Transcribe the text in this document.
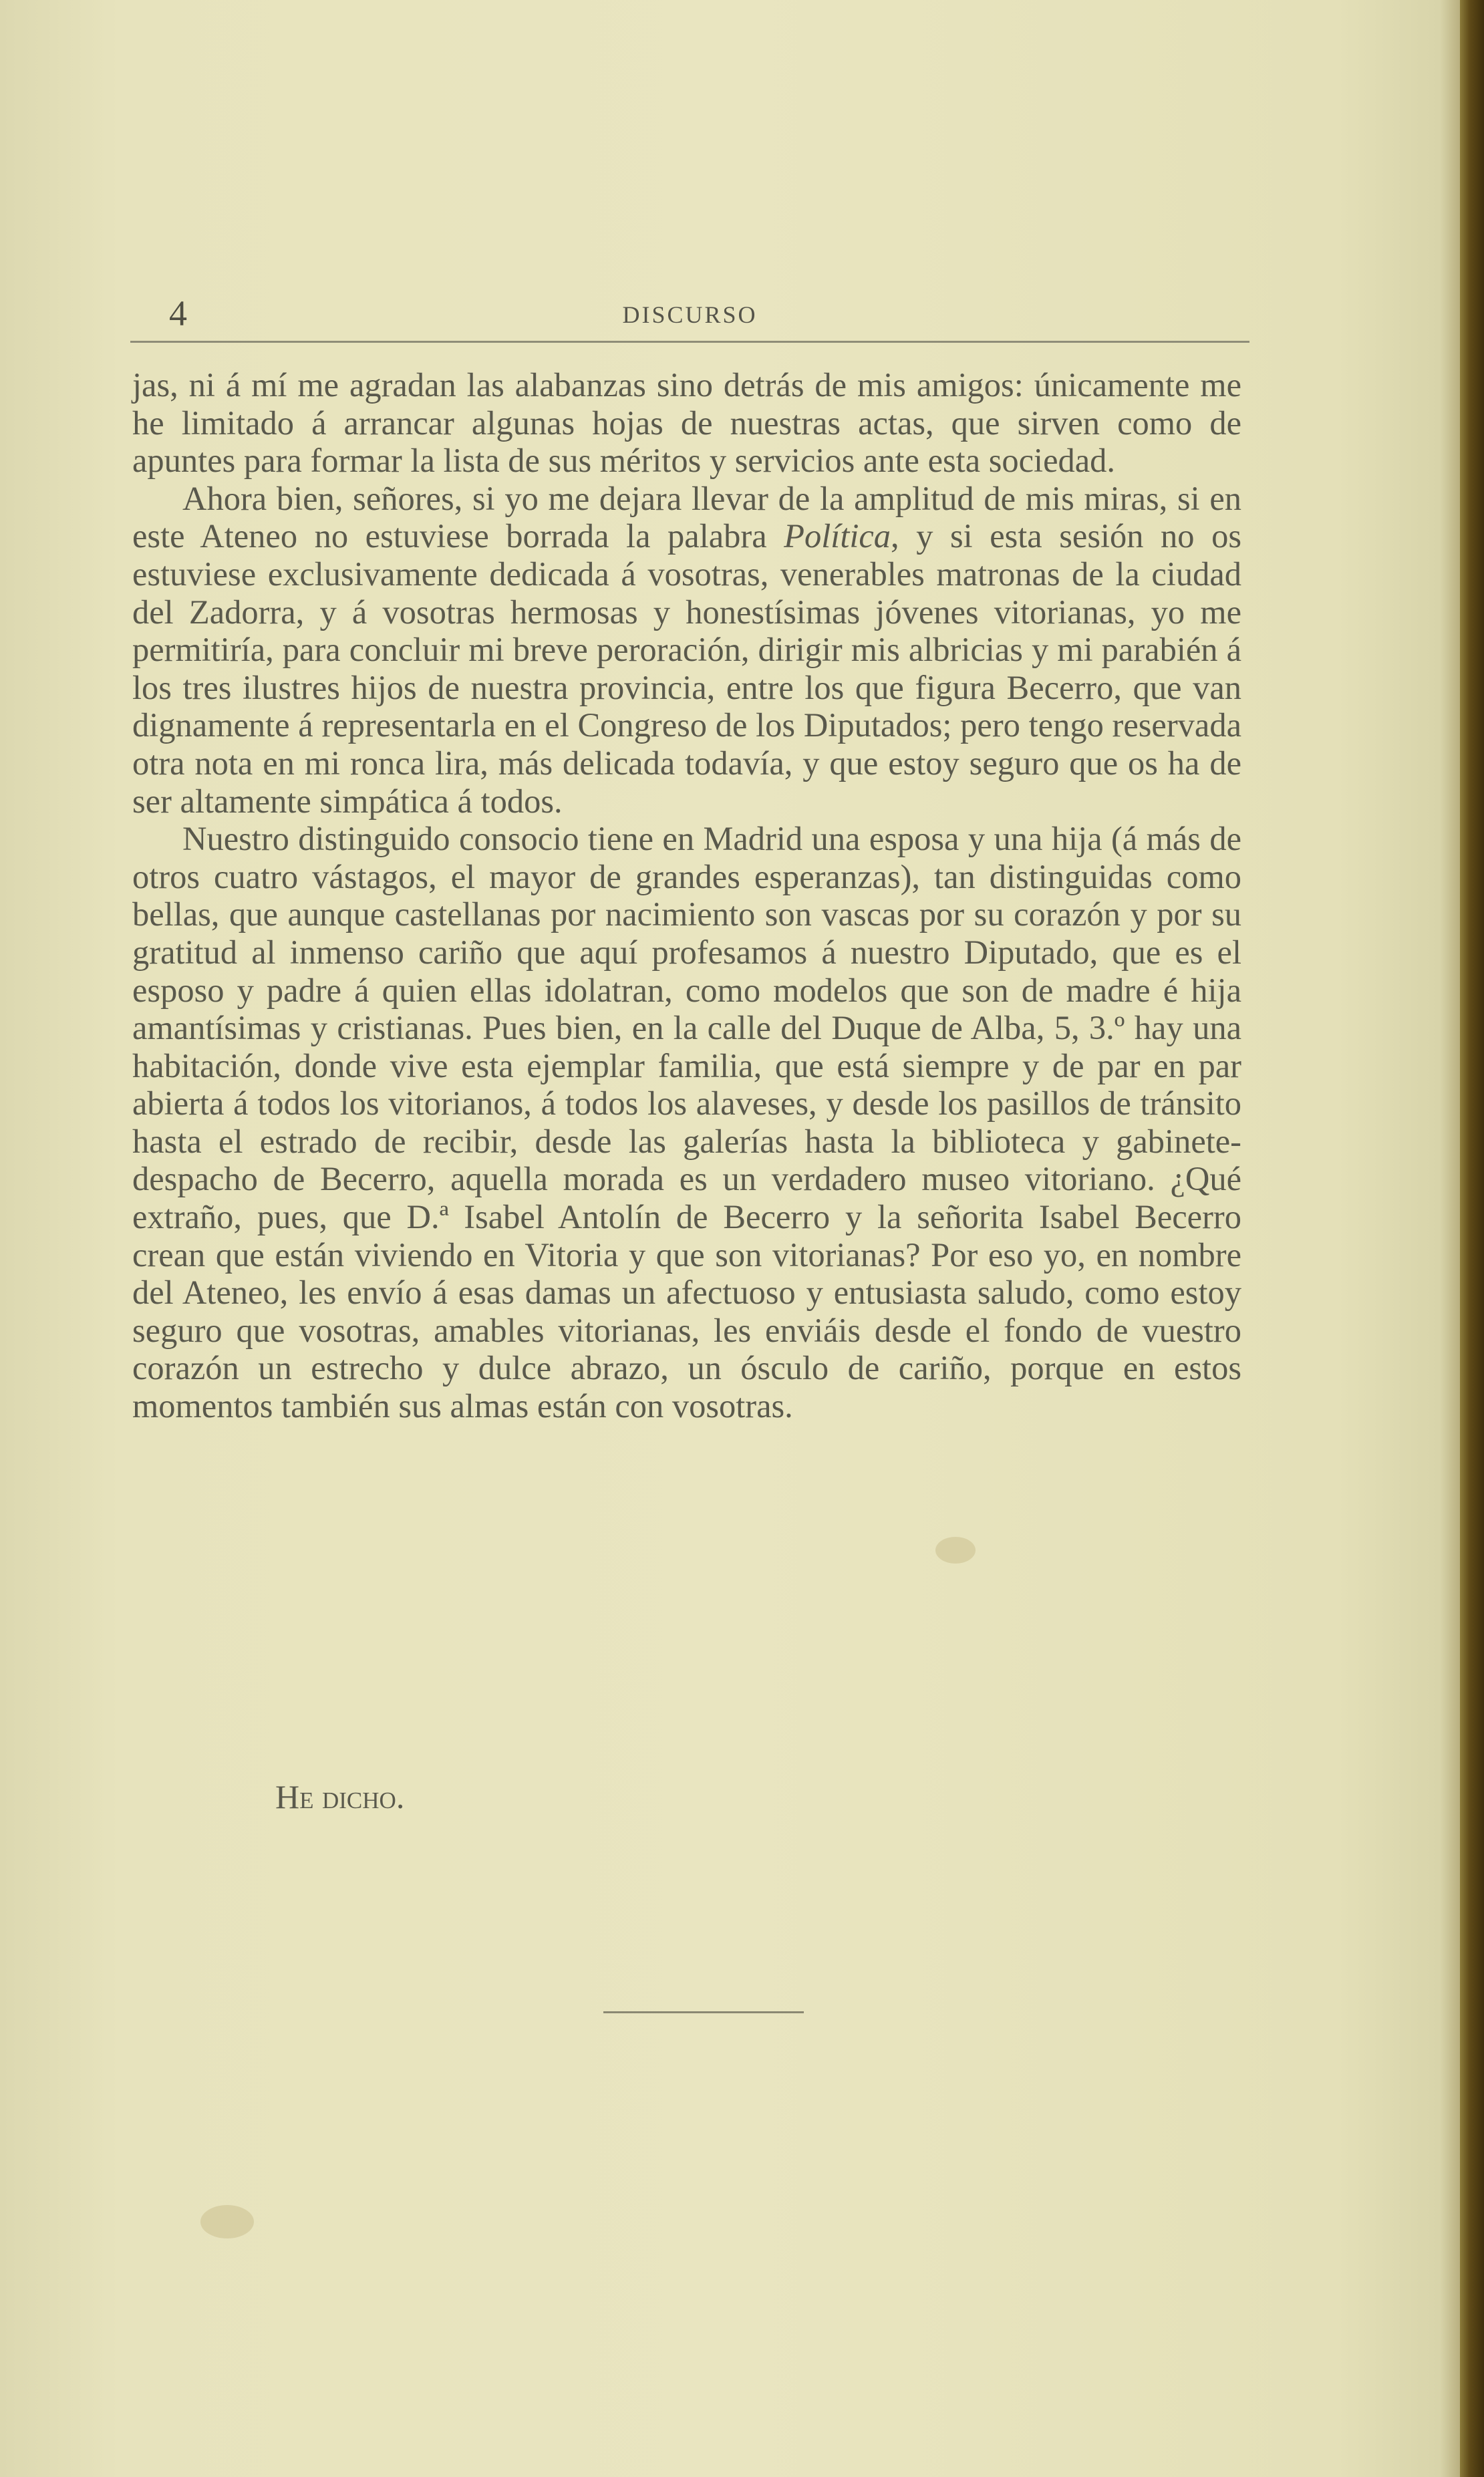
4	DISCURSO

jas, ni á mí me agradan las alabanzas sino detrás de mis amigos: únicamente me he limitado á arrancar algunas hojas de nuestras actas, que sirven como de apuntes para formar la lista de sus méritos y servicios ante esta sociedad.

Ahora bien, señores, si yo me dejara llevar de la amplitud de mis miras, si en este Ateneo no estuviese borrada la palabra Política, y si esta sesión no os estuviese exclusivamente dedicada á vosotras, venerables matronas de la ciudad del Zadorra, y á vosotras hermosas y honestísimas jóvenes vitorianas, yo me permitiría, para concluir mi breve peroración, dirigir mis albricias y mi parabién á los tres ilustres hijos de nuestra provincia, entre los que figura Becerro, que van dignamente á representarla en el Congreso de los Diputados; pero tengo reservada otra nota en mi ronca lira, más delicada todavía, y que estoy seguro que os ha de ser altamente simpática á todos.

Nuestro distinguido consocio tiene en Madrid una esposa y una hija (á más de otros cuatro vástagos, el mayor de grandes esperanzas), tan distinguidas como bellas, que aunque castellanas por nacimiento son vascas por su corazón y por su gratitud al inmenso cariño que aquí profesamos á nuestro Diputado, que es el esposo y padre á quien ellas idolatran, como modelos que son de madre é hija amantísimas y cristianas. Pues bien, en la calle del Duque de Alba, 5, 3.º hay una habitación, donde vive esta ejemplar familia, que está siempre y de par en par abierta á todos los vitorianos, á todos los alaveses, y desde los pasillos de tránsito hasta el estrado de recibir, desde las galerías hasta la biblioteca y gabinete-despacho de Becerro, aquella morada es un verdadero museo vitoriano. ¿Qué extraño, pues, que D.ª Isabel Antolín de Becerro y la señorita Isabel Becerro crean que están viviendo en Vitoria y que son vitorianas? Por eso yo, en nombre del Ateneo, les envío á esas damas un afectuoso y entusiasta saludo, como estoy seguro que vosotras, amables vitorianas, les enviáis desde el fondo de vuestro corazón un estrecho y dulce abrazo, un ósculo de cariño, porque en estos momentos también sus almas están con vosotras.

He dicho.
